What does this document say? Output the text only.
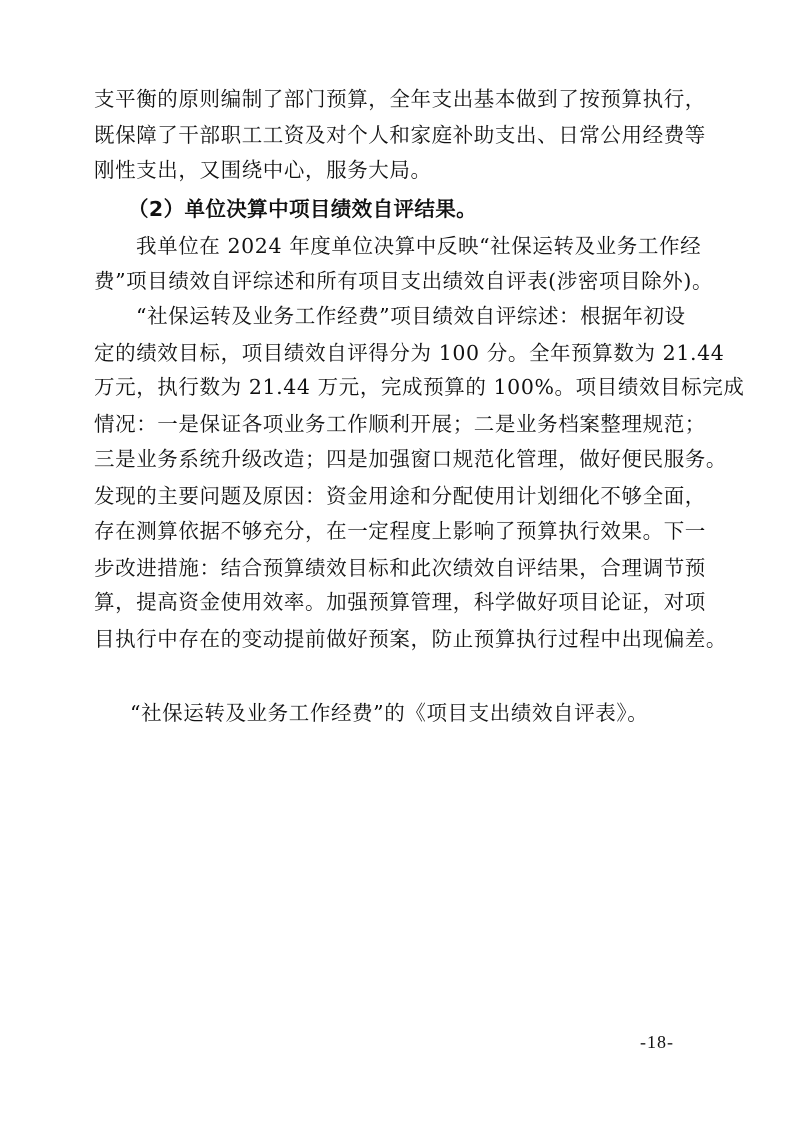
支平衡的原则编制了部门预算，全年支出基本做到了按预算执行，
既保障了干部职工工资及对个人和家庭补助支出、日常公用经费等
刚性支出，又围绕中心，服务大局。
（2）单位决算中项目绩效自评结果。
我单位在 2024 年度单位决算中反映“社保运转及业务工作经
费”项目绩效自评综述和所有项目支出绩效自评表(涉密项目除外)。
“社保运转及业务工作经费”项目绩效自评综述：根据年初设
定的绩效目标，项目绩效自评得分为 100 分。全年预算数为 21.44
万元，执行数为 21.44 万元，完成预算的 100%。项目绩效目标完成
情况：一是保证各项业务工作顺利开展；二是业务档案整理规范；
三是业务系统升级改造；四是加强窗口规范化管理，做好便民服务。
发现的主要问题及原因：资金用途和分配使用计划细化不够全面，
存在测算依据不够充分，在一定程度上影响了预算执行效果。下一
步改进措施：结合预算绩效目标和此次绩效自评结果，合理调节预
算，提高资金使用效率。加强预算管理，科学做好项目论证，对项
目执行中存在的变动提前做好预案，防止预算执行过程中出现偏差。
“社保运转及业务工作经费”的《项目支出绩效自评表》。
-18-
